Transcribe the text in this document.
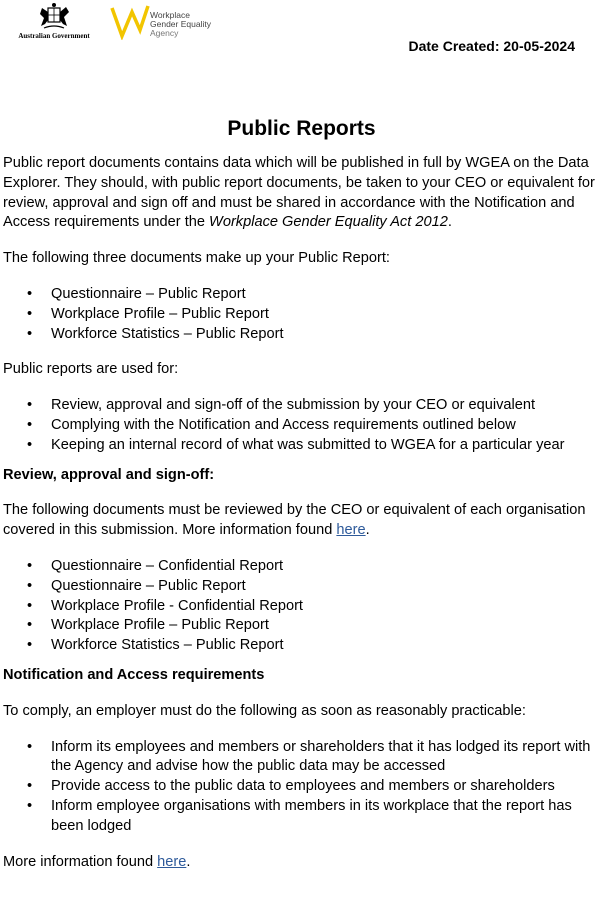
Australian Government
Workplace
Gender Equality
Agency
Date Created: 20-05-2024
Public Reports

Public report documents contains data which will be published in full by WGEA on the Data Explorer. They should, with public report documents, be taken to your CEO or equivalent for review, approval and sign off and must be shared in accordance with the Notification and Access requirements under the Workplace Gender Equality Act 2012.

The following three documents make up your Public Report:

• Questionnaire – Public Report
• Workplace Profile – Public Report
• Workforce Statistics – Public Report

Public reports are used for:

• Review, approval and sign-off of the submission by your CEO or equivalent
• Complying with the Notification and Access requirements outlined below
• Keeping an internal record of what was submitted to WGEA for a particular year

Review, approval and sign-off:

The following documents must be reviewed by the CEO or equivalent of each organisation covered in this submission. More information found here.

• Questionnaire – Confidential Report
• Questionnaire – Public Report
• Workplace Profile - Confidential Report
• Workplace Profile – Public Report
• Workforce Statistics – Public Report

Notification and Access requirements

To comply, an employer must do the following as soon as reasonably practicable:

• Inform its employees and members or shareholders that it has lodged its report with the Agency and advise how the public data may be accessed
• Provide access to the public data to employees and members or shareholders
• Inform employee organisations with members in its workplace that the report has been lodged

More information found here.
